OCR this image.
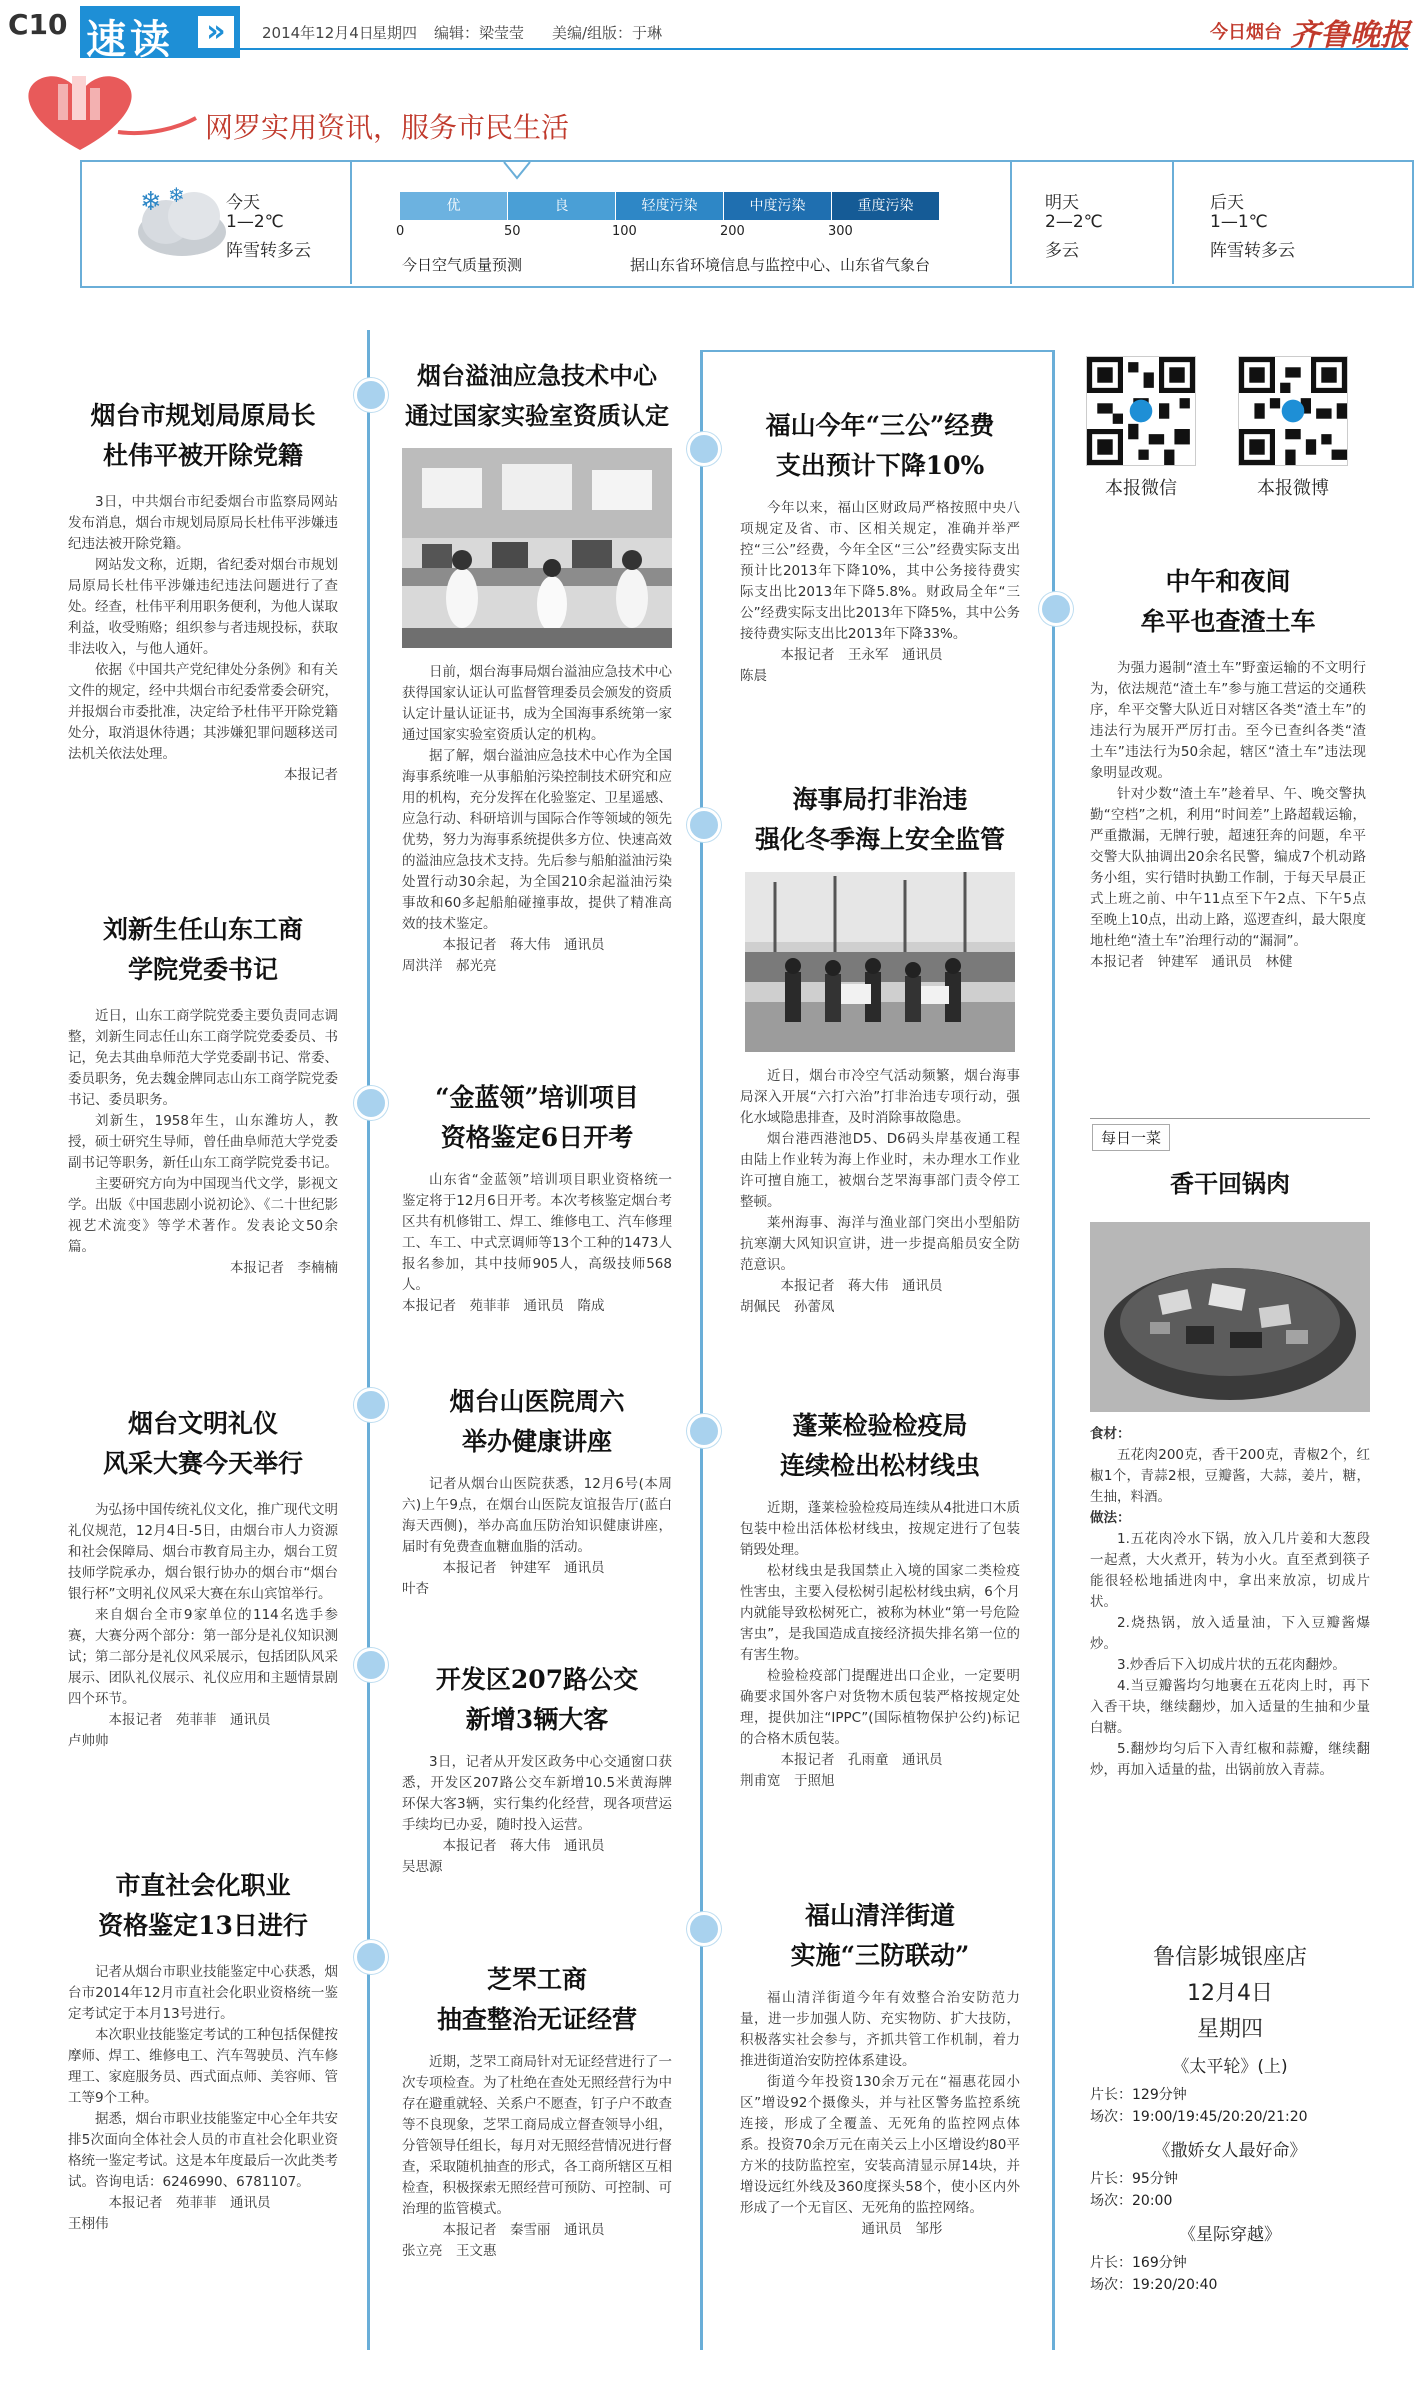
C10 速读 »	2014年12月4日
星期四 编辑：梁莹莹 美编/组版：于琳	今日烟台 齐鲁晚报
网罗实用资讯，服务市民生活
❄ ❄ 今天
1—2℃
阵雪转多云
优	良	轻度污染	中度污染	重度污染
0	50	100	200	300
今日空气质量预测	据山东省环境信息与监控中心、山东省气象台
明天
2—2℃
多云
后天
1—1℃
阵雪转多云
烟台市规划局原局长
杜伟平被开除党籍

3日，中共烟台市纪委烟台市监察局网站发布消息，烟台市规划局原局长杜伟平涉嫌违纪违法被开除党籍。

网站发文称，近期，省纪委对烟台市规划局原局长杜伟平涉嫌违纪违法问题进行了查处。经查，杜伟平利用职务便利，为他人谋取利益，收受贿赂；组织参与者违规投标，获取非法收入，与他人通奸。

依据《中国共产党纪律处分条例》和有关文件的规定，经中共烟台市纪委常委会研究，并报烟台市委批准，决定给予杜伟平开除党籍处分，取消退休待遇；其涉嫌犯罪问题移送司法机关依法处理。

本报记者

刘新生任山东工商
学院党委书记

近日，山东工商学院党委主要负责同志调整，刘新生同志任山东工商学院党委委员、书记，免去其曲阜师范大学党委副书记、常委、委员职务，免去魏金牌同志山东工商学院党委书记、委员职务。

刘新生，1958年生，山东潍坊人，教授，硕士研究生导师，曾任曲阜师范大学党委副书记等职务，新任山东工商学院党委书记。

主要研究方向为中国现当代文学，影视文学。出版《中国悲剧小说初论》、《二十世纪影视艺术流变》等学术著作。发表论文50余篇。

本报记者　李楠楠

烟台文明礼仪
风采大赛今天举行

为弘扬中国传统礼仪文化，推广现代文明礼仪规范，12月4日-5日，由烟台市人力资源和社会保障局、烟台市教育局主办，烟台工贸技师学院承办，烟台银行协办的烟台市“烟台银行杯”文明礼仪风采大赛在东山宾馆举行。

来自烟台全市9家单位的114名选手参赛，大赛分两个部分：第一部分是礼仪知识测试；第二部分是礼仪风采展示，包括团队风采展示、团队礼仪展示、礼仪应用和主题情景剧四个环节。

本报记者　苑菲菲　通讯员

卢帅帅

市直社会化职业
资格鉴定13日进行

记者从烟台市职业技能鉴定中心获悉，烟台市2014年12月市直社会化职业资格统一鉴定考试定于本月13号进行。

本次职业技能鉴定考试的工种包括保健按摩师、焊工、维修电工、汽车驾驶员、汽车修理工、家庭服务员、西式面点师、美容师、管工等9个工种。

据悉，烟台市职业技能鉴定中心全年共安排5次面向全体社会人员的市直社会化职业资格统一鉴定考试。这是本年度最后一次此类考试。咨询电话：6246990、6781107。

本报记者　苑菲菲　通讯员

王栩伟

烟台溢油应急技术中心
通过国家实验室资质认定

日前，烟台海事局烟台溢油应急技术中心获得国家认证认可监督管理委员会颁发的资质认定计量认证证书，成为全国海事系统第一家通过国家实验室资质认定的机构。

据了解，烟台溢油应急技术中心作为全国海事系统唯一从事船舶污染控制技术研究和应用的机构，充分发挥在化验鉴定、卫星遥感、应急行动、科研培训与国际合作等领域的领先优势，努力为海事系统提供多方位、快速高效的溢油应急技术支持。先后参与船舶溢油污染处置行动30余起，为全国210余起溢油污染事故和60多起船舶碰撞事故，提供了精准高效的技术鉴定。

本报记者　蒋大伟　通讯员

周洪洋　郝光亮

“金蓝领”培训项目
资格鉴定6日开考

山东省“金蓝领”培训项目职业资格统一鉴定将于12月6日开考。本次考核鉴定烟台考区共有机修钳工、焊工、维修电工、汽车修理工、车工、中式烹调师等13个工种的1473人报名参加，其中技师905人，高级技师568人。

本报记者　苑菲菲　通讯员　隋成

烟台山医院周六
举办健康讲座

记者从烟台山医院获悉，12月6号(本周六)上午9点，在烟台山医院友谊报告厅(蓝白海天西侧)，举办高血压防治知识健康讲座，届时有免费查血糖血脂的活动。

本报记者　钟建军　通讯员

叶杏

开发区207路公交
新增3辆大客

3日，记者从开发区政务中心交通窗口获悉，开发区207路公交车新增10.5米黄海牌环保大客3辆，实行集约化经营，现各项营运手续均已办妥，随时投入运营。

本报记者　蒋大伟　通讯员

吴思源

芝罘工商
抽查整治无证经营

近期，芝罘工商局针对无证经营进行了一次专项检查。为了杜绝在查处无照经营行为中存在避重就轻、关系户不愿查，钉子户不敢查等不良现象，芝罘工商局成立督查领导小组，分管领导任组长，每月对无照经营情况进行督查，采取随机抽查的形式，各工商所辖区互相检查，积极探索无照经营可预防、可控制、可治理的监管模式。

本报记者　秦雪丽　通讯员

张立亮　王文惠

福山今年“三公”经费
支出预计下降10%

今年以来，福山区财政局严格按照中央八项规定及省、市、区相关规定，准确并举严控“三公”经费，今年全区“三公”经费实际支出预计比2013年下降10%，其中公务接待费实际支出比2013年下降5.8%。财政局全年“三公”经费实际支出比2013年下降5%，其中公务接待费实际支出比2013年下降33%。

本报记者　王永军　通讯员

陈晨

海事局打非治违
强化冬季海上安全监管

近日，烟台市冷空气活动频繁，烟台海事局深入开展“六打六治”打非治违专项行动，强化水域隐患排查，及时消除事故隐患。

烟台港西港池D5、D6码头岸基夜通工程由陆上作业转为海上作业时，未办理水工作业许可擅自施工，被烟台芝罘海事部门责令停工整顿。

莱州海事、海洋与渔业部门突出小型船防抗寒潮大风知识宣讲，进一步提高船员安全防范意识。

本报记者　蒋大伟　通讯员

胡佩民　孙蕾凤

蓬莱检验检疫局
连续检出松材线虫

近期，蓬莱检验检疫局连续从4批进口木质包装中检出活体松材线虫，按规定进行了包装销毁处理。

松材线虫是我国禁止入境的国家二类检疫性害虫，主要入侵松树引起松材线虫病，6个月内就能导致松树死亡，被称为林业“第一号危险害虫”，是我国造成直接经济损失排名第一位的有害生物。

检验检疫部门提醒进出口企业，一定要明确要求国外客户对货物木质包装严格按规定处理，提供加注“IPPC”(国际植物保护公约)标记的合格木质包装。

本报记者　孔雨童　通讯员

荆甫宽　于照旭

福山清洋街道
实施“三防联动”

福山清洋街道今年有效整合治安防范力量，进一步加强人防、充实物防、扩大技防，积极落实社会参与，齐抓共管工作机制，着力推进街道治安防控体系建设。

街道今年投资130余万元在“福惠花园小区”增设92个摄像头，并与社区警务监控系统连接，形成了全覆盖、无死角的监控网点体系。投资70余万元在南关云上小区增设约80平方米的技防监控室，安装高清显示屏14块，并增设远红外线及360度探头58个，使小区内外形成了一个无盲区、无死角的监控网络。

通讯员　邹彤

本报微信	本报微博
中午和夜间
牟平也查渣土车

为强力遏制“渣土车”野蛮运输的不文明行为，依法规范“渣土车”参与施工营运的交通秩序，牟平交警大队近日对辖区各类“渣土车”的违法行为展开严厉打击。至今已查纠各类“渣土车”违法行为50余起，辖区“渣土车”违法现象明显改观。

针对少数“渣土车”趁着早、午、晚交警执勤“空档”之机，利用“时间差”上路超载运输，严重撒漏，无牌行驶，超速狂奔的问题，牟平交警大队抽调出20余名民警，编成7个机动路务小组，实行错时执勤工作制，于每天早晨正式上班之前、中午11点至下午2点、下午5点至晚上10点，出动上路，巡逻查纠，最大限度地杜绝“渣土车”治理行动的“漏洞”。

本报记者　钟建军　通讯员　林健

每日一菜
香干回锅肉

食材：

五花肉200克，香干200克，青椒2个，红椒1个，青蒜2根，豆瓣酱，大蒜，姜片，糖，生抽，料酒。

做法：

1.五花肉冷水下锅，放入几片姜和大葱段一起煮，大火煮开，转为小火。直至煮到筷子能很轻松地插进肉中，拿出来放凉，切成片状。

2.烧热锅，放入适量油，下入豆瓣酱爆炒。

3.炒香后下入切成片状的五花肉翻炒。

4.当豆瓣酱均匀地裹在五花肉上时，再下入香干块，继续翻炒，加入适量的生抽和少量白糖。

5.翻炒均匀后下入青红椒和蒜瓣，继续翻炒，再加入适量的盐，出锅前放入青蒜。

鲁信影城银座店
12月4日
星期四
《太平轮》(上)
片长：129分钟
场次：19:00/19:45/20:20/21:20
《撒娇女人最好命》
片长：95分钟
场次：20:00
《星际穿越》
片长：169分钟
场次：19:20/20:40
